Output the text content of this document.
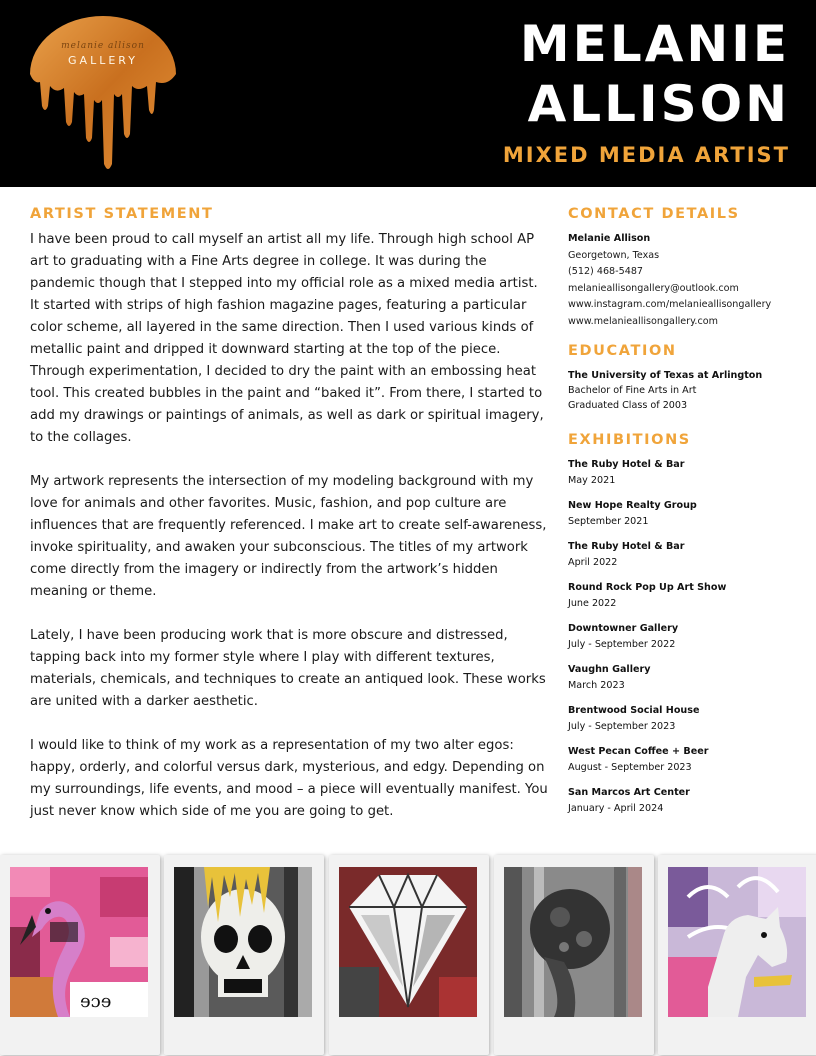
melanie allison
GALLERY	MELANIE
ALLISON
MIXED MEDIA ARTIST
ARTIST STATEMENT

I have been proud to call myself an artist all my life. Through high school AP art to graduating with a Fine Arts degree in college. It was during the pandemic though that I stepped into my official role as a mixed media artist. It started with strips of high fashion magazine pages, featuring a particular color scheme, all layered in the same direction. Then I used various kinds of metallic paint and dripped it downward starting at the top of the piece. Through experimentation, I decided to dry the paint with an embossing heat tool. This created bubbles in the paint and “baked it”. From there, I started to add my drawings or paintings of animals, as well as dark or spiritual imagery, to the collages.

My artwork represents the intersection of my modeling background with my love for animals and other favorites. Music, fashion, and pop culture are influences that are frequently referenced. I make art to create self-awareness, invoke spirituality, and awaken your subconscious. The titles of my artwork come directly from the imagery or indirectly from the artwork’s hidden meaning or theme.

Lately, I have been producing work that is more obscure and distressed, tapping back into my former style where I play with different textures, materials, chemicals, and techniques to create an antiqued look. These works are united with a darker aesthetic.

I would like to think of my work as a representation of my two alter egos: happy, orderly, and colorful versus dark, mysterious, and edgy. Depending on my surroundings, life events, and mood – a piece will eventually manifest. You just never know which side of me you are going to get.

CONTACT DETAILS
Melanie Allison
Georgetown, Texas
(512) 468-5487
melanieallisongallery@outlook.com
www.instagram.com/melanieallisongallery
www.melanieallisongallery.com
EDUCATION
The University of Texas at Arlington
Bachelor of Fine Arts in Art
Graduated Class of 2003
EXHIBITIONS
The Ruby Hotel & Bar
May 2021
New Hope Realty Group
September 2021
The Ruby Hotel & Bar
April 2022
Round Rock Pop Up Art Show
June 2022
Downtowner Gallery
July - September 2022
Vaughn Gallery
March 2023
Brentwood Social House
July - September 2023
West Pecan Coffee + Beer
August - September 2023
San Marcos Art Center
January - April 2024
ɘɔɘ
